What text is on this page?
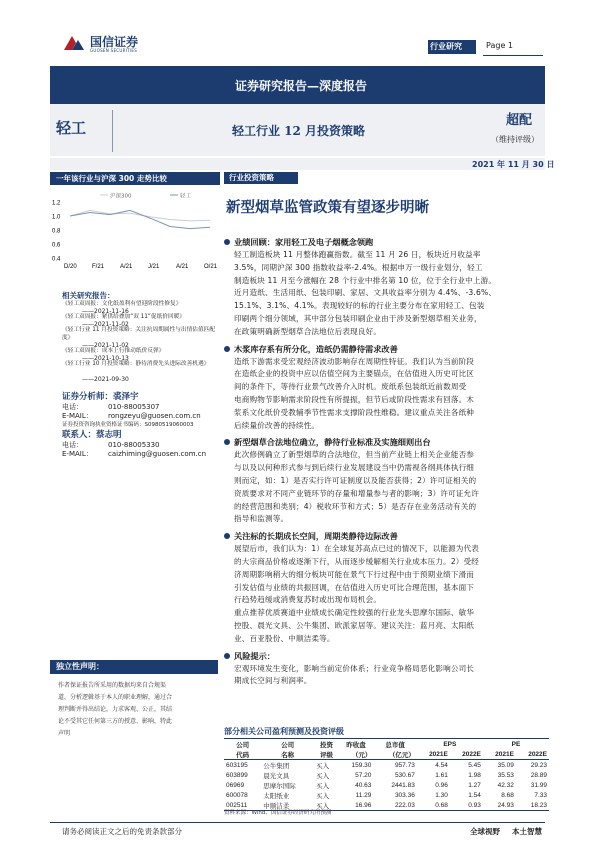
国信证券
GUOSEN SECURITIES	行业研究	Page 1
证券研究报告—深度报告
轻工	轻工行业 12 月投资策略
超配
（维持评级）
2021 年 11 月 30 日
一年该行业与沪深 300 走势比较
1.2
1.0
0.8
0.6
0.4
D/20	F/21	A/21	J/21	A/21	O/21
沪深300	轻工
相关研究报告：
《轻工双周报：文化纸盈利有望迎阶段性修复》
——2021-11-16
《轻工双周报：紧供给叠加“双 11”促纸价回暖》
——2021-11-02
《轻工行业 11 月投资策略：关注抗周期属性与出情估值匹配度》
——2021-11-02
《轻工双周报：成本上行推动纸价反弹》
——2021-10-13
《轻工行业 10 月投资策略：静待消费先头进际改善机遇》
——2021-09-30
证券分析师：裘泽宇
电话：	010-88005307
E-MAIL： rongzeyu@guosen.com.cn
证券投资咨询执业资格证书编码：S0980519060003
联系人：蔡志明
电话：	010-88005330
E-MAIL： caizhiming@guosen.com.cn
独立性声明：
作者保证报告所采用的数据均来自合规渠
道，分析逻辑基于本人的职业理解，通过合
理判断并得出结论，力求客观、公正，其结
论不受其它任何第三方的授意、影响，特此
声明
行业投资策略
新型烟草监管政策有望逐步明晰
业绩回顾：家用轻工及电子烟概念领跑
轻工制造板块 11 月整体跑赢指数。截至 11 月 26 日，板块近月收益率
3.5%，同期沪深 300 指数收益率-2.4%。根据申万一级行业划分，轻工
制造板块 11 月至今涨幅在 28 个行业中排名第 10 位，位于全行业中上游。
近月造纸、生活用纸、包装印刷、家居、文具收益率分别为 4.4%、-3.6%、
15.1%、3.1%、4.1%。表现较好的标的行业主要分布在家用轻工、包装
印刷两个细分领域，其中部分包装印刷企业由于涉及新型烟草相关业务，
在政策明确新型烟草合法地位后表现良好。
木浆库存系有所分化，造纸仍需静待需求改善
造纸下游需求受宏观经济波动影响存在周期性特征。我们认为当前阶段
在造纸企业的投资中应以估值空间为主要锚点，在估值进入历史可比区
间的条件下，等待行业景气改善介入时机。废纸系包装纸近前数周受
电商购物节影响需求阶段性有所提振，但节后或阶段性需求有回落。木
浆系文化纸价受教辅季节性需求支撑阶段性维稳。建议重点关注各纸种
后续量价改善的持续性。
新型烟草合法地位确立，静待行业标准及实施细则出台
此次修例确立了新型烟草的合法地位，但当前产业链上相关企业能否参
与以及以何种形式参与到后续行业发展建设当中仍需视各纲具体执行细
则而定，如：1）是否实行许可证制度以及能否获得；2）许可证相关的
资质要求对不同产业链环节的存量和增量参与者的影响；3）许可证允许
的经营范围和类别；4）税收环节和方式；5）是否存在业务活动有关的
指导和监测等。
关注标的长期成长空间，周期类静待边际改善
展望后市，我们认为：1）在全球复苏高点已过的情况下，以能源为代表
的大宗商品价格或逐渐下行，从而逐步缓解相关行业成本压力。2）受经
济周期影响稍大的细分板块可能在景气下行过程中由于预期业绩下滑而
引发估值与业绩的共振回调，在估值进入历史可比合理范围，基本面下
行趋势趋缓或消费复苏时或出现布局机会。
重点推荐优质赛道中业绩成长确定性较强的行业龙头思摩尔国际、敏华
控股、晨光文具、公牛集团、欧派家居等。建议关注：蓝月亮、太阳纸
业、百亚股份、中顺洁柔等。
风险提示：
宏观环境发生变化，影响当前定价体系；行业竞争格局恶化影响公司长
期成长空间与利润率。
部分相关公司盈利预测及投资评级
公司	公司	投资	昨收盘	总市值	EPS		PE	
代码	名称	评级	（元）	（亿元）	2021E	2022E	2021E	2022E
603195	公牛集团	买入	159.30	957.73	4.54	5.45	35.09	29.23
603899	晨光文具	买入	57.20	530.67	1.61	1.98	35.53	28.89
06969	思摩尔国际	买入	40.63	2441.83	0.96	1.27	42.32	31.99
600078	太阳纸业	买入	11.29	303.36	1.30	1.54	8.68	7.33
002511	中顺洁柔	买入	16.96	222.03	0.68	0.93	24.93	18.23
资料来源：Wind、国信证券经济研究所预测
请务必阅读正文之后的免责条款部分	全球视野 本土智慧
